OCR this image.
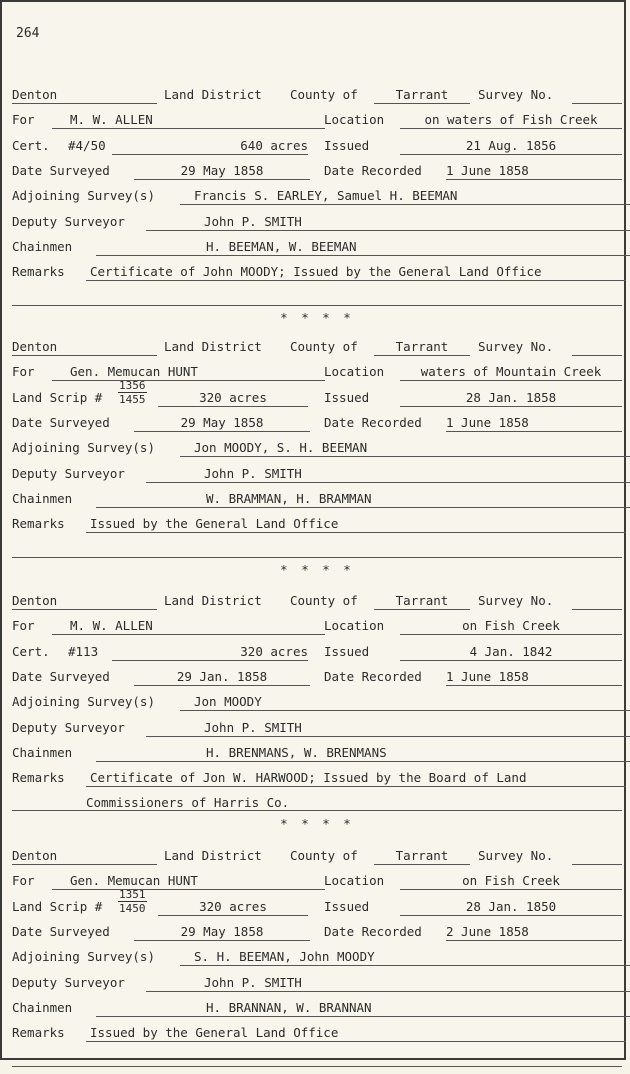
264
Denton	Land District County of	Tarrant	Survey No.
For	M. W. ALLEN	Location	on waters of Fish Creek
Cert. #4/50	640 acres Issued	21 Aug. 1856
Date Surveyed	29 May 1858	Date Recorded 1 June 1858
Adjoining Survey(s)	Francis S. EARLEY, Samuel H. BEEMAN
Deputy Surveyor	John P. SMITH
Chainmen	H. BEEMAN, W. BEEMAN
Remarks	Certificate of John MOODY; Issued by the General Land Office
* * * *
Denton	Land District County of	Tarrant	Survey No.
For	Gen. Memucan HUNT	Location	waters of Mountain Creek
Land Scrip # $\frac{1356}{1455}$	320 acres	Issued	28 Jan. 1858
Date Surveyed	29 May 1858	Date Recorded 1 June 1858
Adjoining Survey(s)	Jon MOODY, S. H. BEEMAN
Deputy Surveyor	John P. SMITH
Chainmen	W. BRAMMAN, H. BRAMMAN
Remarks	Issued by the General Land Office
* * * *
Denton	Land District County of	Tarrant	Survey No.
For	M. W. ALLEN	Location	on Fish Creek
Cert. #113	320 acres Issued	4 Jan. 1842
Date Surveyed	29 Jan. 1858	Date Recorded 1 June 1858
Adjoining Survey(s)	Jon MOODY
Deputy Surveyor	John P. SMITH
Chainmen	H. BRENMANS, W. BRENMANS
Remarks	Certificate of Jon W. HARWOOD; Issued by the Board of Land
Commissioners of Harris Co.
* * * *
Denton	Land District County of	Tarrant	Survey No.
For	Gen. Memucan HUNT	Location	on Fish Creek
Land Scrip # $\frac{1351}{1450}$	320 acres	Issued	28 Jan. 1850
Date Surveyed	29 May 1858	Date Recorded 2 June 1858
Adjoining Survey(s)	S. H. BEEMAN, John MOODY
Deputy Surveyor	John P. SMITH
Chainmen	H. BRANNAN, W. BRANNAN
Remarks	Issued by the General Land Office
